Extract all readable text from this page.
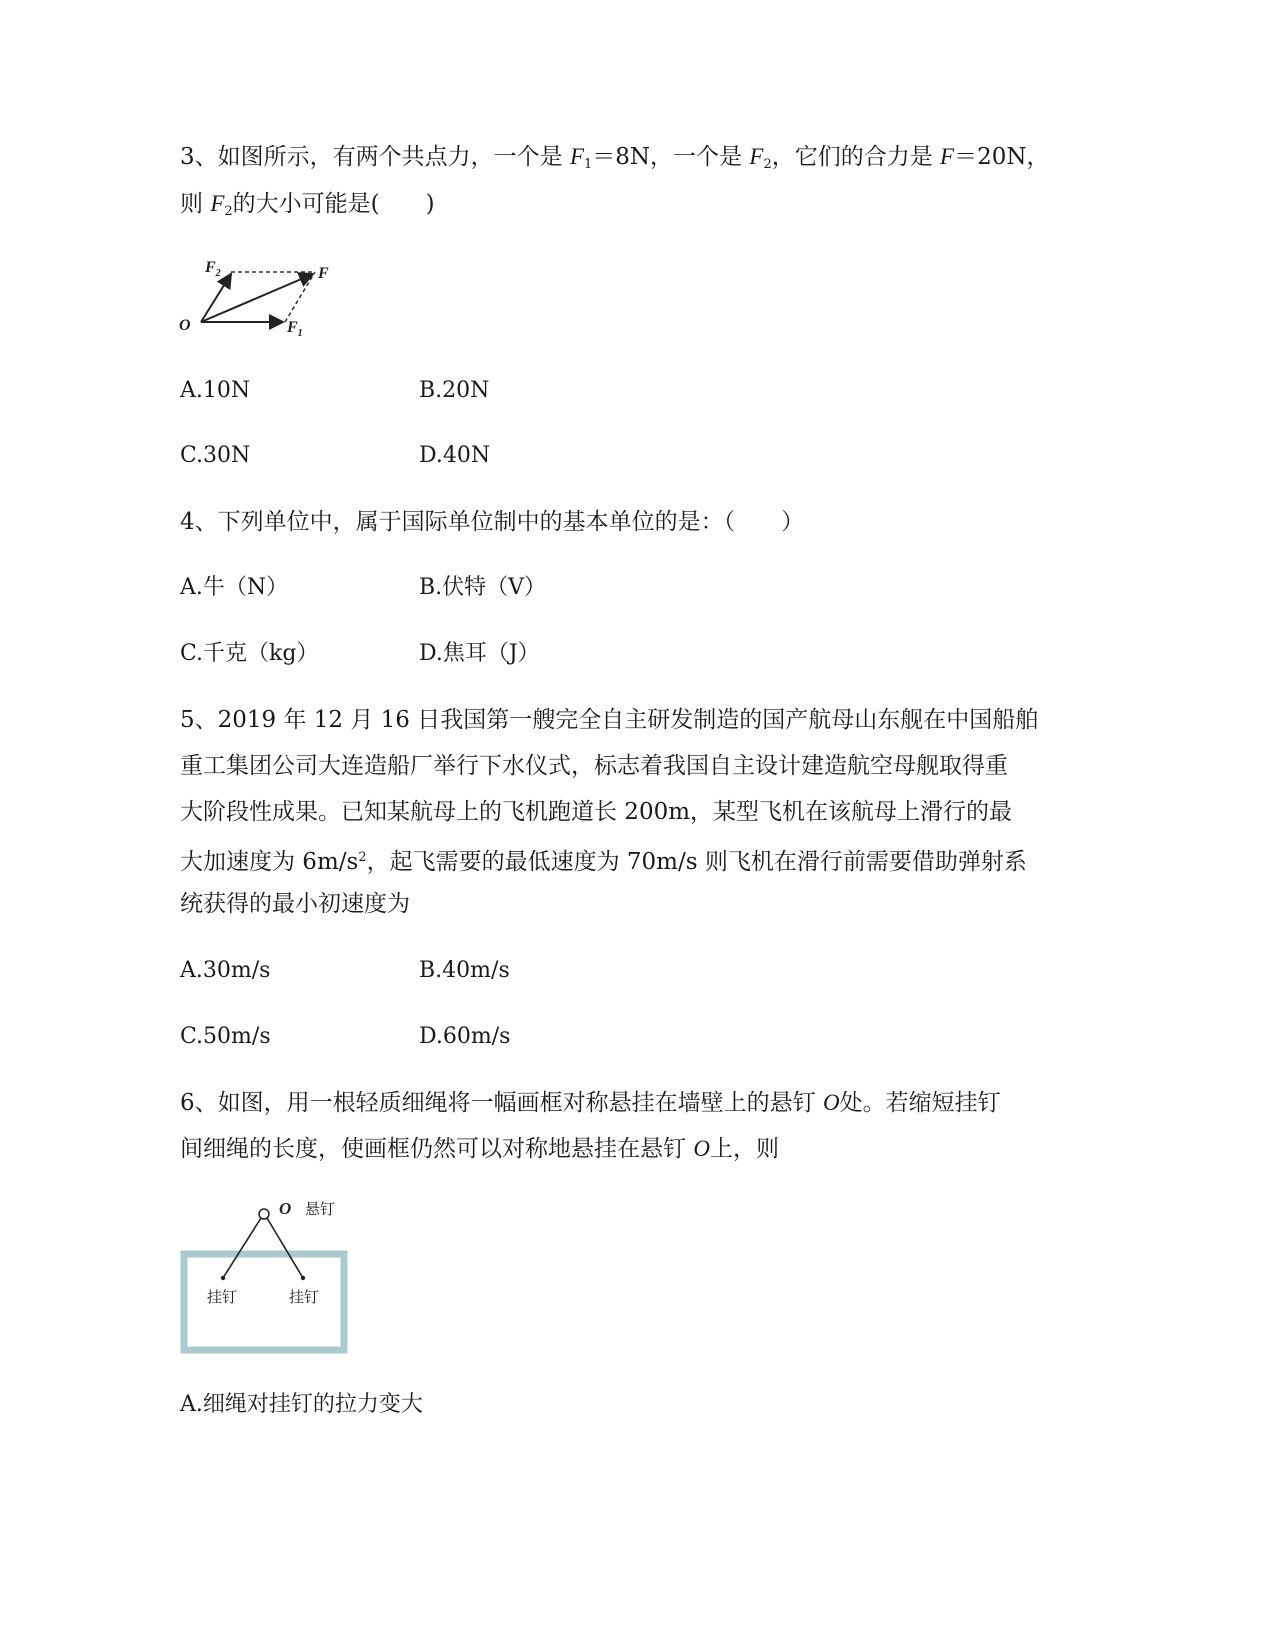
3、如图所示，有两个共点力，一个是 $F_1=8N$，一个是 $F_2$，它们的合力是 F＝20N，
则 $F_2$的大小可能是(　　)
$F_2$	F
$F_1$
O
A.10N	B.20N
C.30N	D.40N
4、下列单位中，属于国际单位制中的基本单位的是：（　　）
A.牛（N）	B.伏特（V）
C.千克（kg）	D.焦耳（J）
5、2019 年 12 月 16 日我国第一艘完全自主研发制造的国产航母山东舰在中国船舶
重工集团公司大连造船厂举行下水仪式，标志着我国自主设计建造航空母舰取得重
大阶段性成果。已知某航母上的飞机跑道长 200m，某型飞机在该航母上滑行的最
大加速度为 $6m/s^2$，起飞需要的最低速度为 70m/s 则飞机在滑行前需要借助弹射系
统获得的最小初速度为
A.30m/s	B.40m/s
C.50m/s	D.60m/s
6、如图，用一根轻质细绳将一幅画框对称悬挂在墙壁上的悬钉 O处。若缩短挂钉
间细绳的长度，使画框仍然可以对称地悬挂在悬钉 O上，则
O 悬钉
挂钉	挂钉
A.细绳对挂钉的拉力变大
